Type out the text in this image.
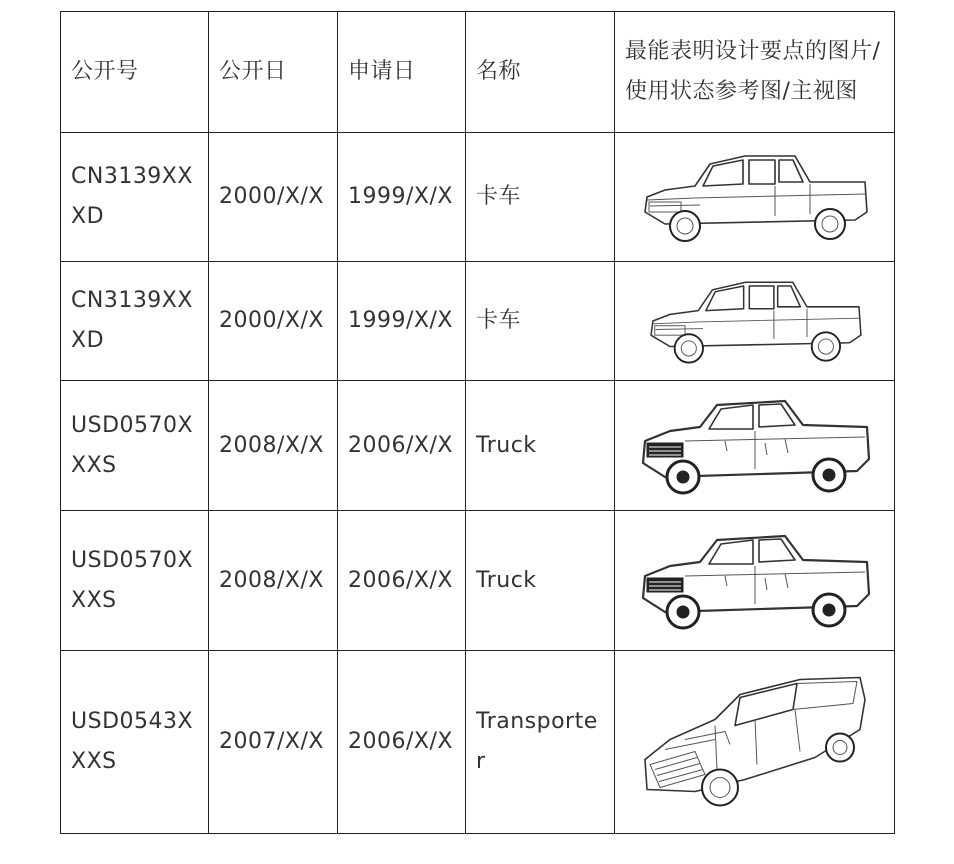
公开号	公开日	申请日	名称	最能表明设计要点的图片/使用状态参考图/主视图
CN3139XXXD	2000/X/X	1999/X/X	卡车	

CN3139XXXD	2000/X/X	1999/X/X	卡车	

USD0570XXXS	2008/X/X	2006/X/X	Truck	

USD0570XXXS	2008/X/X	2006/X/X	Truck	

USD0543XXXS	2007/X/X	2006/X/X	Transporter	
